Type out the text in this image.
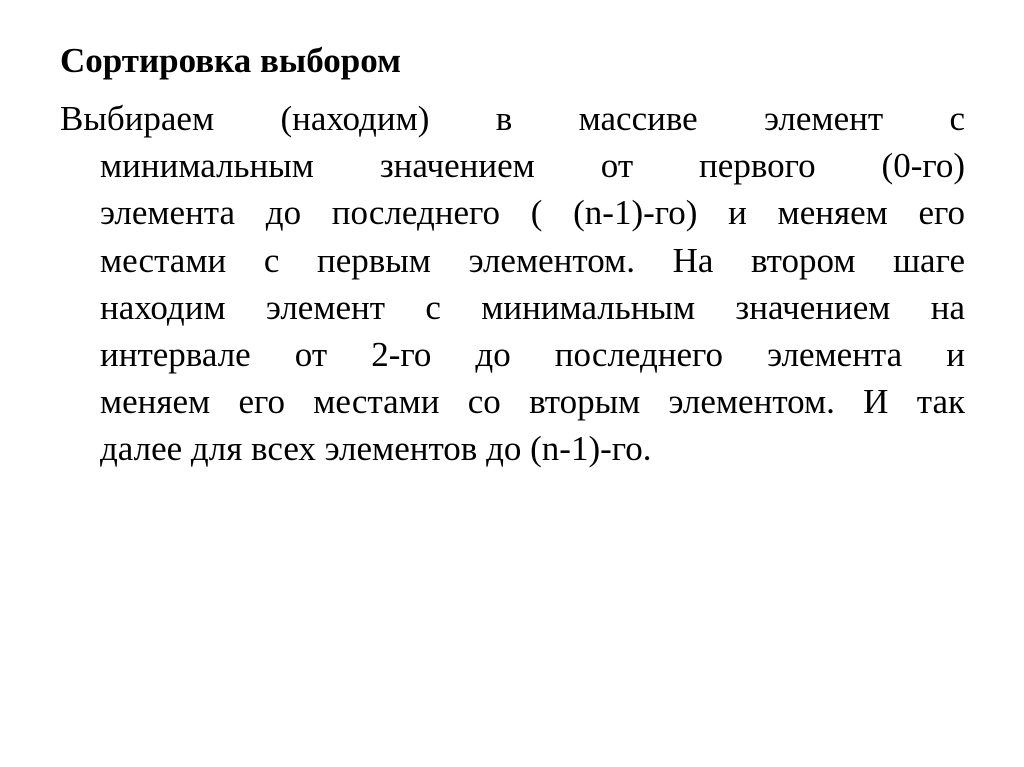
Сортировка выбором
Выбираем (находим) в массиве элемент с
минимальным значением от первого (0-го)
элемента до последнего ( (n-1)-го) и меняем его
местами с первым элементом. На втором шаге
находим элемент с минимальным значением на
интервале от 2-го до последнего элемента и
меняем его местами со вторым элементом. И так
далее для всех элементов до (n-1)-го.
